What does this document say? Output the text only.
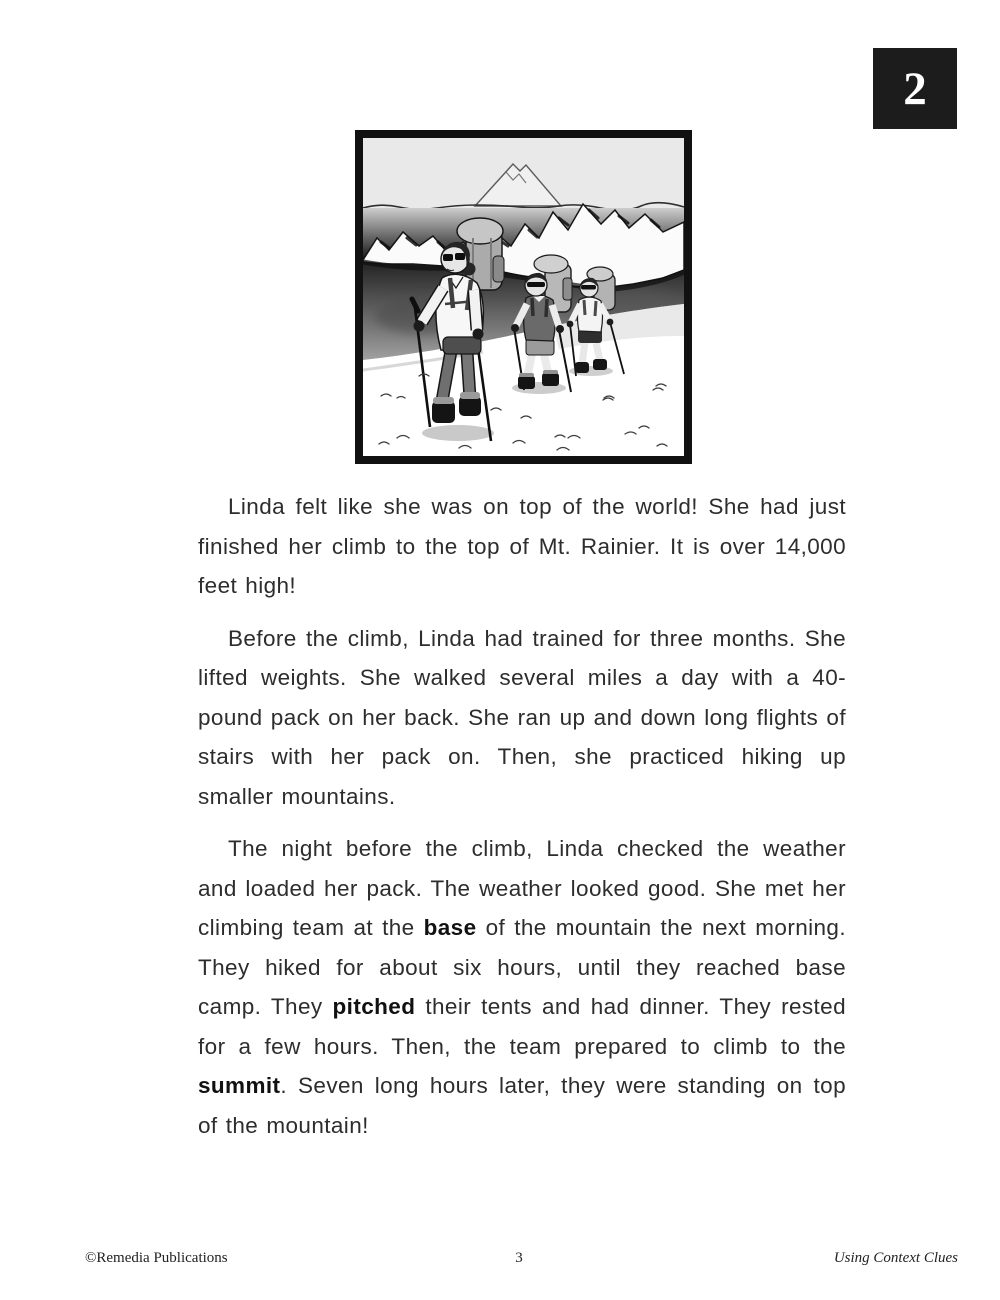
2

Linda felt like she was on top of the world! She had just finished her climb to the top of Mt. Rainier. It is over 14,000 feet high!

Before the climb, Linda had trained for three months. She lifted weights. She walked several miles a day with a 40-pound pack on her back. She ran up and down long flights of stairs with her pack on. Then, she practiced hiking up smaller mountains.

The night before the climb, Linda checked the weather and loaded her pack. The weather looked good. She met her climbing team at the base of the mountain the next morning. They hiked for about six hours, until they reached base camp. They pitched their tents and had dinner. They rested for a few hours. Then, the team prepared to climb to the summit. Seven long hours later, they were standing on top of the mountain!

©Remedia Publications	3	Using Context Clues
